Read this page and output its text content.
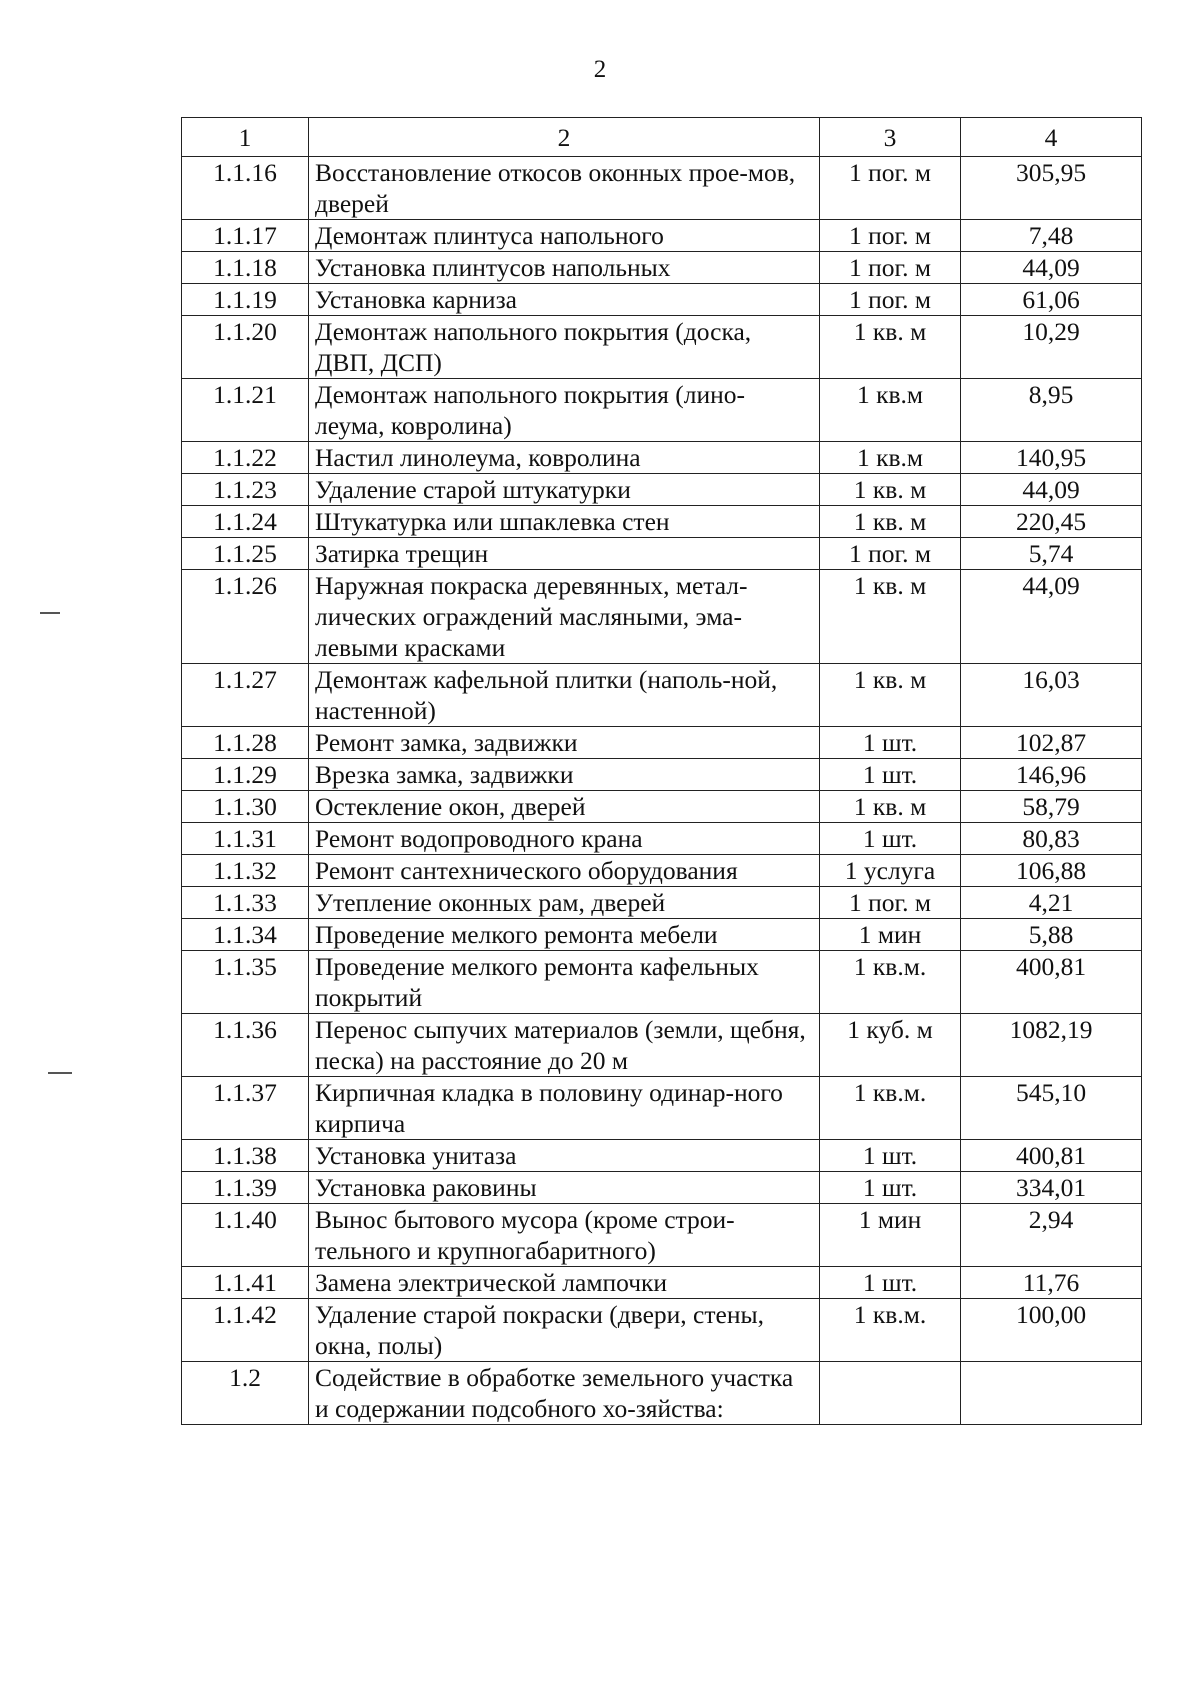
2
1	2	3	4
1.1.16	Восстановление откосов оконных прое-мов, дверей	1 пог. м	305,95
1.1.17	Демонтаж плинтуса напольного	1 пог. м	7,48
1.1.18	Установка плинтусов напольных	1 пог. м	44,09
1.1.19	Установка карниза	1 пог. м	61,06
1.1.20	Демонтаж напольного покрытия (доска, ДВП, ДСП)	1 кв. м	10,29
1.1.21	Демонтаж напольного покрытия (лино-леума, ковролина)	1 кв.м	8,95
1.1.22	Настил линолеума, ковролина	1 кв.м	140,95
1.1.23	Удаление старой штукатурки	1 кв. м	44,09
1.1.24	Штукатурка или шпаклевка стен	1 кв. м	220,45
1.1.25	Затирка трещин	1 пог. м	5,74
1.1.26	Наружная покраска деревянных, метал-лических ограждений масляными, эма-левыми красками	1 кв. м	44,09
1.1.27	Демонтаж кафельной плитки (наполь-ной, настенной)	1 кв. м	16,03
1.1.28	Ремонт замка, задвижки	1 шт.	102,87
1.1.29	Врезка замка, задвижки	1 шт.	146,96
1.1.30	Остекление окон, дверей	1 кв. м	58,79
1.1.31	Ремонт водопроводного крана	1 шт.	80,83
1.1.32	Ремонт сантехнического оборудования	1 услуга	106,88
1.1.33	Утепление оконных рам, дверей	1 пог. м	4,21
1.1.34	Проведение мелкого ремонта мебели	1 мин	5,88
1.1.35	Проведение мелкого ремонта кафельных покрытий	1 кв.м.	400,81
1.1.36	Перенос сыпучих материалов (земли, щебня, песка) на расстояние до 20 м	1 куб. м	1082,19
1.1.37	Кирпичная кладка в половину одинар-ного кирпича	1 кв.м.	545,10
1.1.38	Установка унитаза	1 шт.	400,81
1.1.39	Установка раковины	1 шт.	334,01
1.1.40	Вынос бытового мусора (кроме строи-тельного и крупногабаритного)	1 мин	2,94
1.1.41	Замена электрической лампочки	1 шт.	11,76
1.1.42	Удаление старой покраски (двери, стены, окна, полы)	1 кв.м.	100,00
1.2	Содействие в обработке земельного участка и содержании подсобного хо-зяйства:		
